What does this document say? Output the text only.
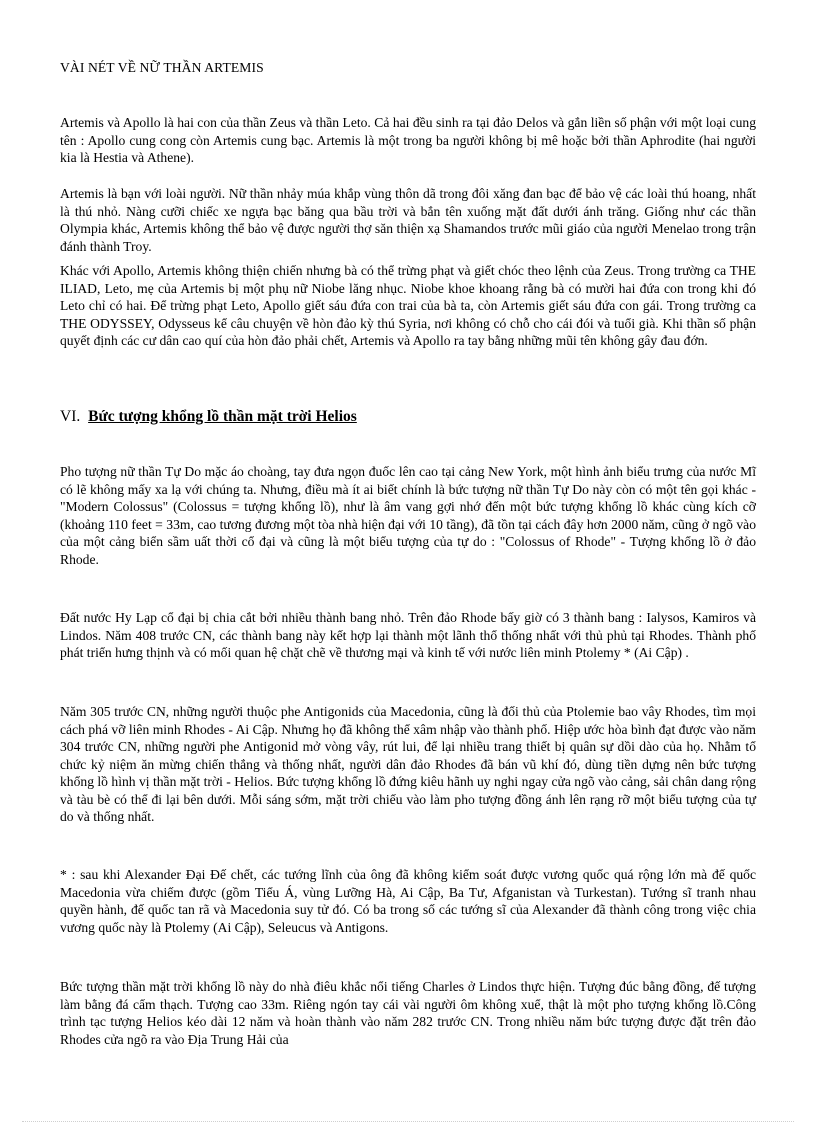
VÀI NÉT VỀ NỮ THẦN ARTEMIS

Artemis và Apollo là hai con của thần Zeus và thần Leto. Cả hai đều sinh ra tại đảo Delos và gắn liền số phận với một loại cung tên : Apollo cung cong còn Artemis cung bạc. Artemis là một trong ba người không bị mê hoặc bởi thần Aphrodite (hai người kia là Hestia và Athene).

Artemis là bạn với loài người. Nữ thần nhảy múa khắp vùng thôn dã trong đôi xăng đan bạc để bảo vệ các loài thú hoang, nhất là thú nhỏ. Nàng cưỡi chiếc xe ngựa bạc băng qua bầu trời và bắn tên xuống mặt đất dưới ánh trăng. Giống như các thần Olympia khác, Artemis không thể bảo vệ được người thợ săn thiện xạ Shamandos trước mũi giáo của người Menelao trong trận đánh thành Troy.

Khác với Apollo, Artemis không thiện chiến nhưng bà có thể trừng phạt và giết chóc theo lệnh của Zeus. Trong trường ca THE ILIAD, Leto, mẹ của Artemis bị một phụ nữ Niobe lăng nhục. Niobe khoe khoang rằng bà có mười hai đứa con trong khi đó Leto chỉ có hai. Để trừng phạt Leto, Apollo giết sáu đứa con trai của bà ta, còn Artemis giết sáu đứa con gái. Trong trường ca THE ODYSSEY, Odysseus kể câu chuyện về hòn đảo kỳ thú Syria, nơi không có chỗ cho cái đói và tuổi già. Khi thần số phận quyết định các cư dân cao quí của hòn đảo phải chết, Artemis và Apollo ra tay bằng những mũi tên không gây đau đớn.

VI. Bức tượng khổng lồ thần mặt trời Helios

Pho tượng nữ thần Tự Do mặc áo choàng, tay đưa ngọn đuốc lên cao tại cảng New York, một hình ảnh biểu trưng của nước Mĩ có lẽ không mấy xa lạ với chúng ta. Nhưng, điều mà ít ai biết chính là bức tượng nữ thần Tự Do này còn có một tên gọi khác - "Modern Colossus" (Colossus = tượng khổng lồ), như là âm vang gợi nhớ đến một bức tượng khổng lồ khác cùng kích cỡ (khoảng 110 feet = 33m, cao tương đương một tòa nhà hiện đại với 10 tầng), đã tồn tại cách đây hơn 2000 năm, cũng ở ngõ vào của một cảng biển sầm uất thời cổ đại và cũng là một biểu tượng của tự do : "Colossus of Rhode" - Tượng khổng lồ ở đảo Rhode.

Đất nước Hy Lạp cổ đại bị chia cắt bởi nhiều thành bang nhỏ. Trên đảo Rhode bấy giờ có 3 thành bang : Ialysos, Kamiros và Lindos. Năm 408 trước CN, các thành bang này kết hợp lại thành một lãnh thổ thống nhất với thủ phủ tại Rhodes. Thành phố phát triển hưng thịnh và có mối quan hệ chặt chẽ về thương mại và kinh tế với nước liên minh Ptolemy * (Ai Cập) .

Năm 305 trước CN, những người thuộc phe Antigonids của Macedonia, cũng là đối thủ của Ptolemie bao vây Rhodes, tìm mọi cách phá vỡ liên minh Rhodes - Ai Cập. Nhưng họ đã không thể xâm nhập vào thành phố. Hiệp ước hòa bình đạt được vào năm 304 trước CN, những người phe Antigonid mở vòng vây, rút lui, để lại nhiều trang thiết bị quân sự dồi dào của họ. Nhằm tổ chức kỷ niệm ăn mừng chiến thắng và thống nhất, người dân đảo Rhodes đã bán vũ khí đó, dùng tiền dựng nên bức tượng khổng lồ hình vị thần mặt trời - Helios. Bức tượng khổng lồ đứng kiêu hãnh uy nghi ngay cửa ngõ vào cảng, sải chân dang rộng và tàu bè có thể đi lại bên dưới. Mỗi sáng sớm, mặt trời chiếu vào làm pho tượng đồng ánh lên rạng rỡ một biểu tượng của tự do và thống nhất.

* : sau khi Alexander Đại Đế chết, các tướng lĩnh của ông đã không kiểm soát được vương quốc quá rộng lớn mà đế quốc Macedonia vừa chiếm được (gồm Tiểu Á, vùng Lưỡng Hà, Ai Cập, Ba Tư, Afganistan và Turkestan). Tướng sĩ tranh nhau quyền hành, đế quốc tan rã và Macedonia suy tử đó. Có ba trong số các tướng sĩ của Alexander đã thành công trong việc chia vương quốc này là Ptolemy (Ai Cập), Seleucus và Antigons.

Bức tượng thần mặt trời khổng lồ này do nhà điêu khắc nổi tiếng Charles ở Lindos thực hiện. Tượng đúc bằng đồng, đế tượng làm bằng đá cẩm thạch. Tượng cao 33m. Riêng ngón tay cái vài người ôm không xuể, thật là một pho tượng khổng lồ.Công trình tạc tượng Helios kéo dài 12 năm và hoàn thành vào năm 282 trước CN. Trong nhiều năm bức tượng được đặt trên đảo Rhodes cửa ngõ ra vào Địa Trung Hải của
